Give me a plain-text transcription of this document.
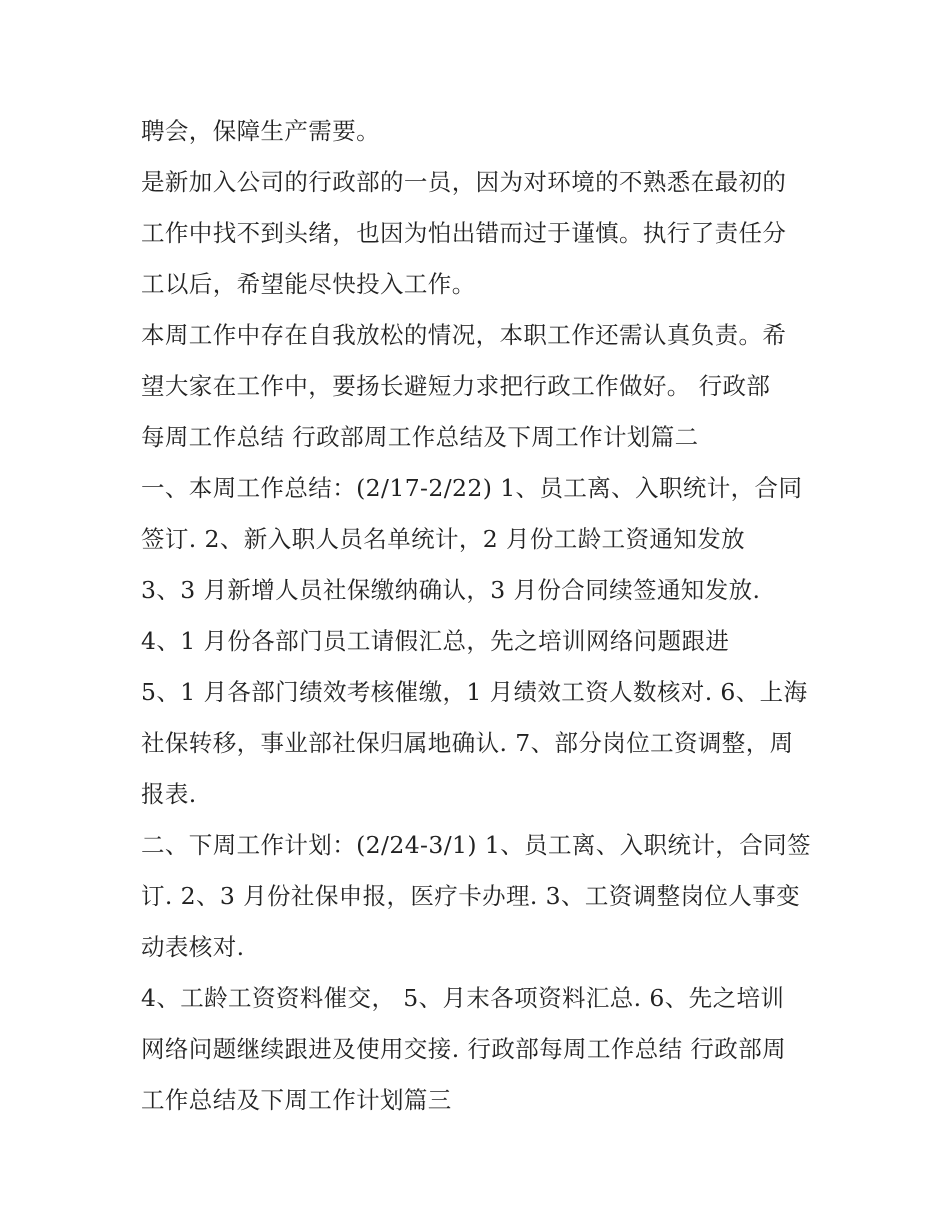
聘会，保障生产需要。
是新加入公司的行政部的一员，因为对环境的不熟悉在最初的
工作中找不到头绪，也因为怕出错而过于谨慎。执行了责任分
工以后，希望能尽快投入工作。
本周工作中存在自我放松的情况，本职工作还需认真负责。希
望大家在工作中，要扬长避短力求把行政工作做好。 行政部
每周工作总结 行政部周工作总结及下周工作计划篇二
一、本周工作总结：(2/17-2/22) 1、员工离、入职统计，合同
签订. 2、新入职人员名单统计，2 月份工龄工资通知发放
3、3 月新增人员社保缴纳确认，3 月份合同续签通知发放.
4、1 月份各部门员工请假汇总，先之培训网络问题跟进
5、1 月各部门绩效考核催缴，1 月绩效工资人数核对. 6、上海
社保转移，事业部社保归属地确认. 7、部分岗位工资调整，周
报表.
二、下周工作计划：(2/24-3/1) 1、员工离、入职统计，合同签
订. 2、3 月份社保申报，医疗卡办理. 3、工资调整岗位人事变
动表核对.
4、工龄工资资料催交， 5、月末各项资料汇总. 6、先之培训
网络问题继续跟进及使用交接. 行政部每周工作总结 行政部周
工作总结及下周工作计划篇三
